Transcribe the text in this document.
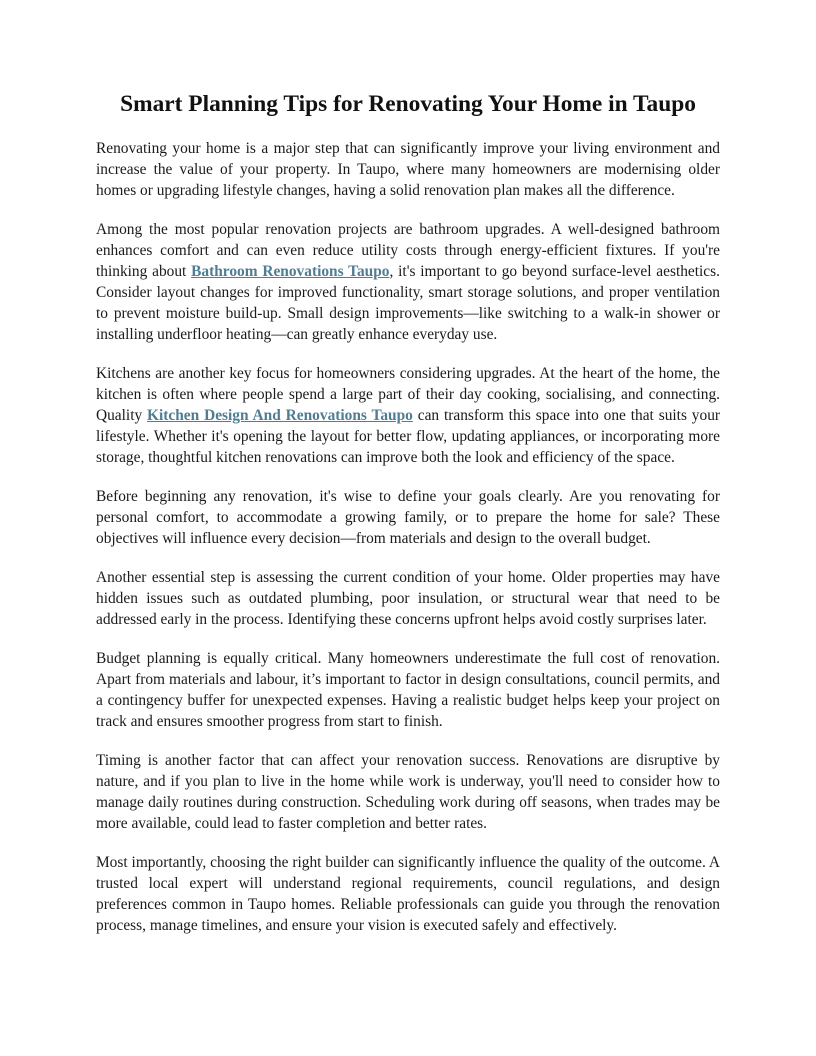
Smart Planning Tips for Renovating Your Home in Taupo

Renovating your home is a major step that can significantly improve your living environment and increase the value of your property. In Taupo, where many homeowners are modernising older homes or upgrading lifestyle changes, having a solid renovation plan makes all the difference.

Among the most popular renovation projects are bathroom upgrades. A well-designed bathroom enhances comfort and can even reduce utility costs through energy-efficient fixtures. If you're thinking about Bathroom Renovations Taupo, it's important to go beyond surface-level aesthetics. Consider layout changes for improved functionality, smart storage solutions, and proper ventilation to prevent moisture build-up. Small design improvements—like switching to a walk-in shower or installing underfloor heating—can greatly enhance everyday use.

Kitchens are another key focus for homeowners considering upgrades. At the heart of the home, the kitchen is often where people spend a large part of their day cooking, socialising, and connecting. Quality Kitchen Design And Renovations Taupo can transform this space into one that suits your lifestyle. Whether it's opening the layout for better flow, updating appliances, or incorporating more storage, thoughtful kitchen renovations can improve both the look and efficiency of the space.

Before beginning any renovation, it's wise to define your goals clearly. Are you renovating for personal comfort, to accommodate a growing family, or to prepare the home for sale? These objectives will influence every decision—from materials and design to the overall budget.

Another essential step is assessing the current condition of your home. Older properties may have hidden issues such as outdated plumbing, poor insulation, or structural wear that need to be addressed early in the process. Identifying these concerns upfront helps avoid costly surprises later.

Budget planning is equally critical. Many homeowners underestimate the full cost of renovation. Apart from materials and labour, it’s important to factor in design consultations, council permits, and a contingency buffer for unexpected expenses. Having a realistic budget helps keep your project on track and ensures smoother progress from start to finish.

Timing is another factor that can affect your renovation success. Renovations are disruptive by nature, and if you plan to live in the home while work is underway, you'll need to consider how to manage daily routines during construction. Scheduling work during off seasons, when trades may be more available, could lead to faster completion and better rates.

Most importantly, choosing the right builder can significantly influence the quality of the outcome. A trusted local expert will understand regional requirements, council regulations, and design preferences common in Taupo homes. Reliable professionals can guide you through the renovation process, manage timelines, and ensure your vision is executed safely and effectively.
